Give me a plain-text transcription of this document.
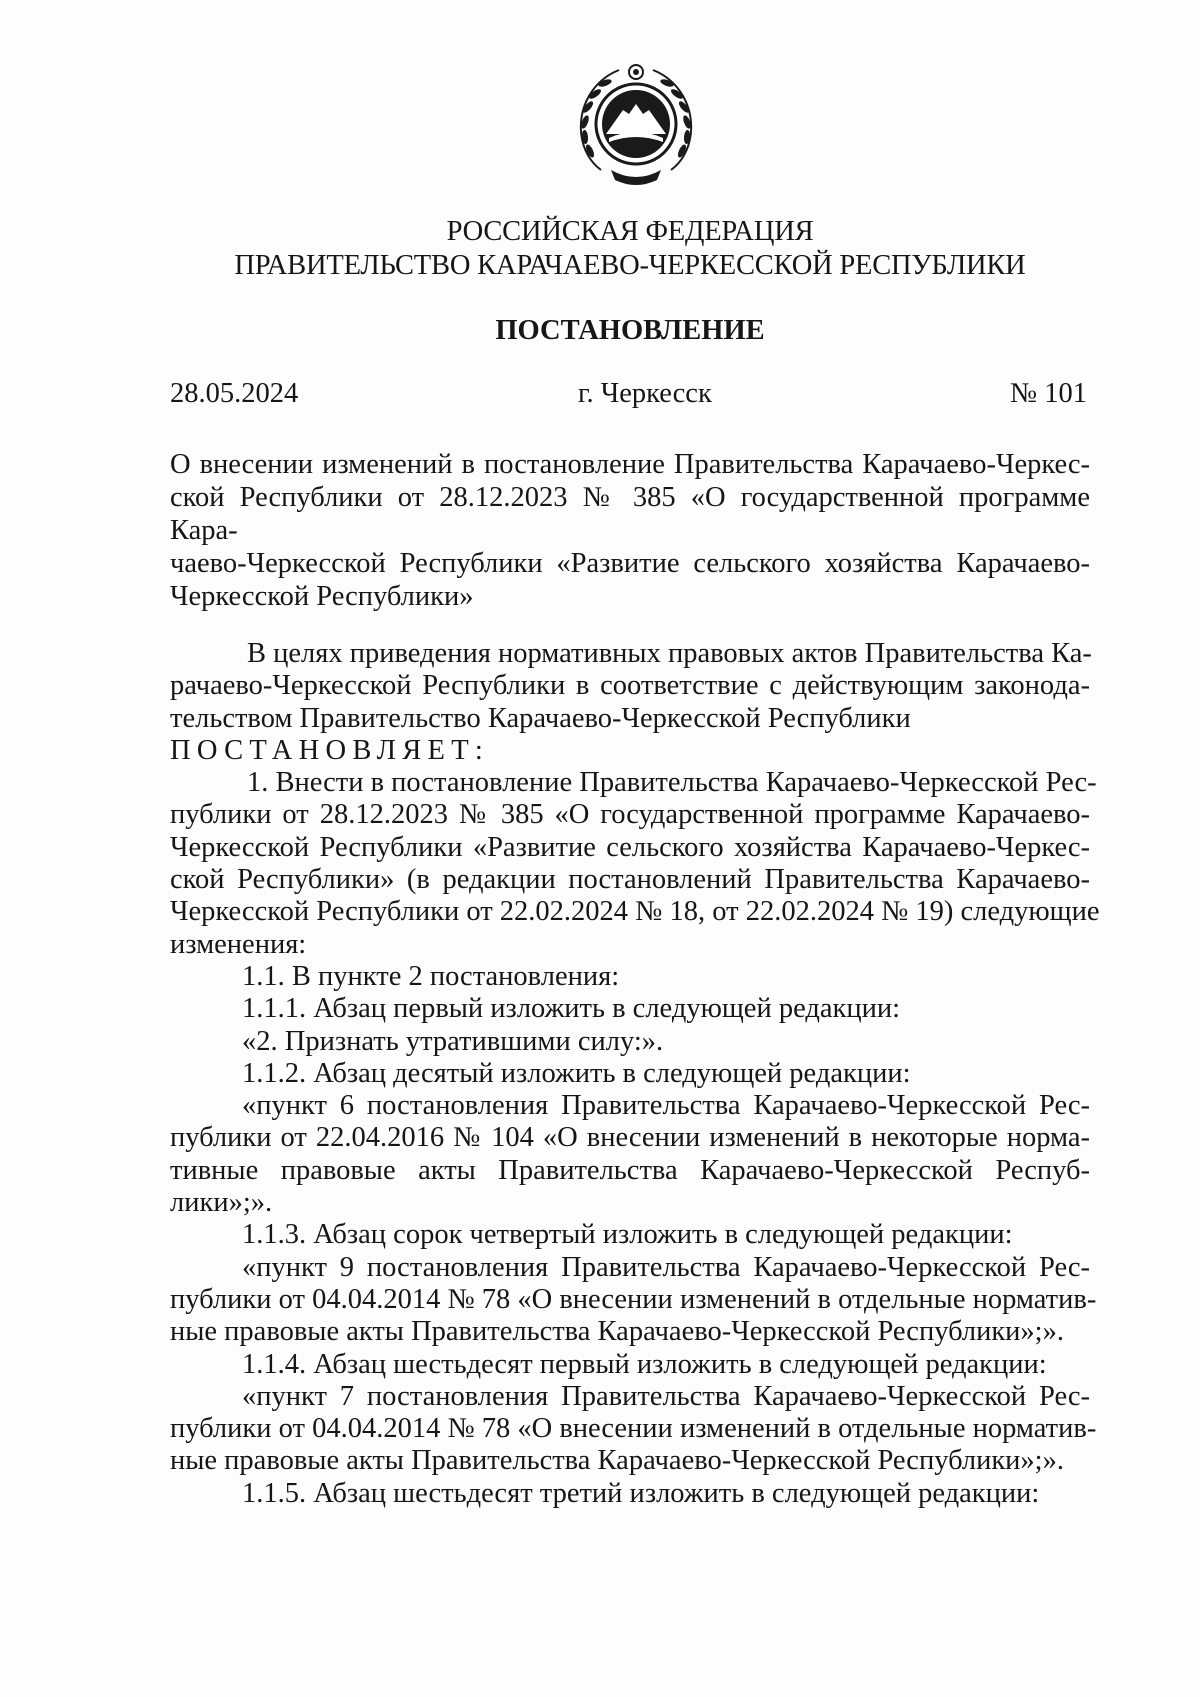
РОССИЙСКАЯ ФЕДЕРАЦИЯ
ПРАВИТЕЛЬСТВО КАРАЧАЕВО-ЧЕРКЕССКОЙ РЕСПУБЛИКИ
ПОСТАНОВЛЕНИЕ
28.05.2024	г. Черкесск	№ 101
О внесении изменений в постановление Правительства Карачаево-Черкес-
ской Республики от 28.12.2023 № 385 «О государственной программе Кара-
чаево-Черкесской Республики «Развитие сельского хозяйства Карачаево-
Черкесской Республики»
В целях приведения нормативных правовых актов Правительства Ка-
рачаево-Черкесской Республики в соответствие с действующим законода-
тельством Правительство Карачаево-Черкесской Республики
ПОСТАНОВЛЯЕТ:
1. Внести в постановление Правительства Карачаево-Черкесской Рес-
публики от 28.12.2023 № 385 «О государственной программе Карачаево-
Черкесской Республики «Развитие сельского хозяйства Карачаево-Черкес-
ской Республики» (в редакции постановлений Правительства Карачаево-
Черкесской Республики от 22.02.2024 № 18, от 22.02.2024 № 19) следующие
изменения:
1.1. В пункте 2 постановления:
1.1.1. Абзац первый изложить в следующей редакции:
«2. Признать утратившими силу:».
1.1.2. Абзац десятый изложить в следующей редакции:
«пункт 6 постановления Правительства Карачаево-Черкесской Рес-
публики от 22.04.2016 № 104 «О внесении изменений в некоторые норма-
тивные правовые акты Правительства Карачаево-Черкесской Респуб-
лики»;».
1.1.3. Абзац сорок четвертый изложить в следующей редакции:
«пункт 9 постановления Правительства Карачаево-Черкесской Рес-
публики от 04.04.2014 № 78 «О внесении изменений в отдельные норматив-
ные правовые акты Правительства Карачаево-Черкесской Республики»;».
1.1.4. Абзац шестьдесят первый изложить в следующей редакции:
«пункт 7 постановления Правительства Карачаево-Черкесской Рес-
публики от 04.04.2014 № 78 «О внесении изменений в отдельные норматив-
ные правовые акты Правительства Карачаево-Черкесской Республики»;».
1.1.5. Абзац шестьдесят третий изложить в следующей редакции:
